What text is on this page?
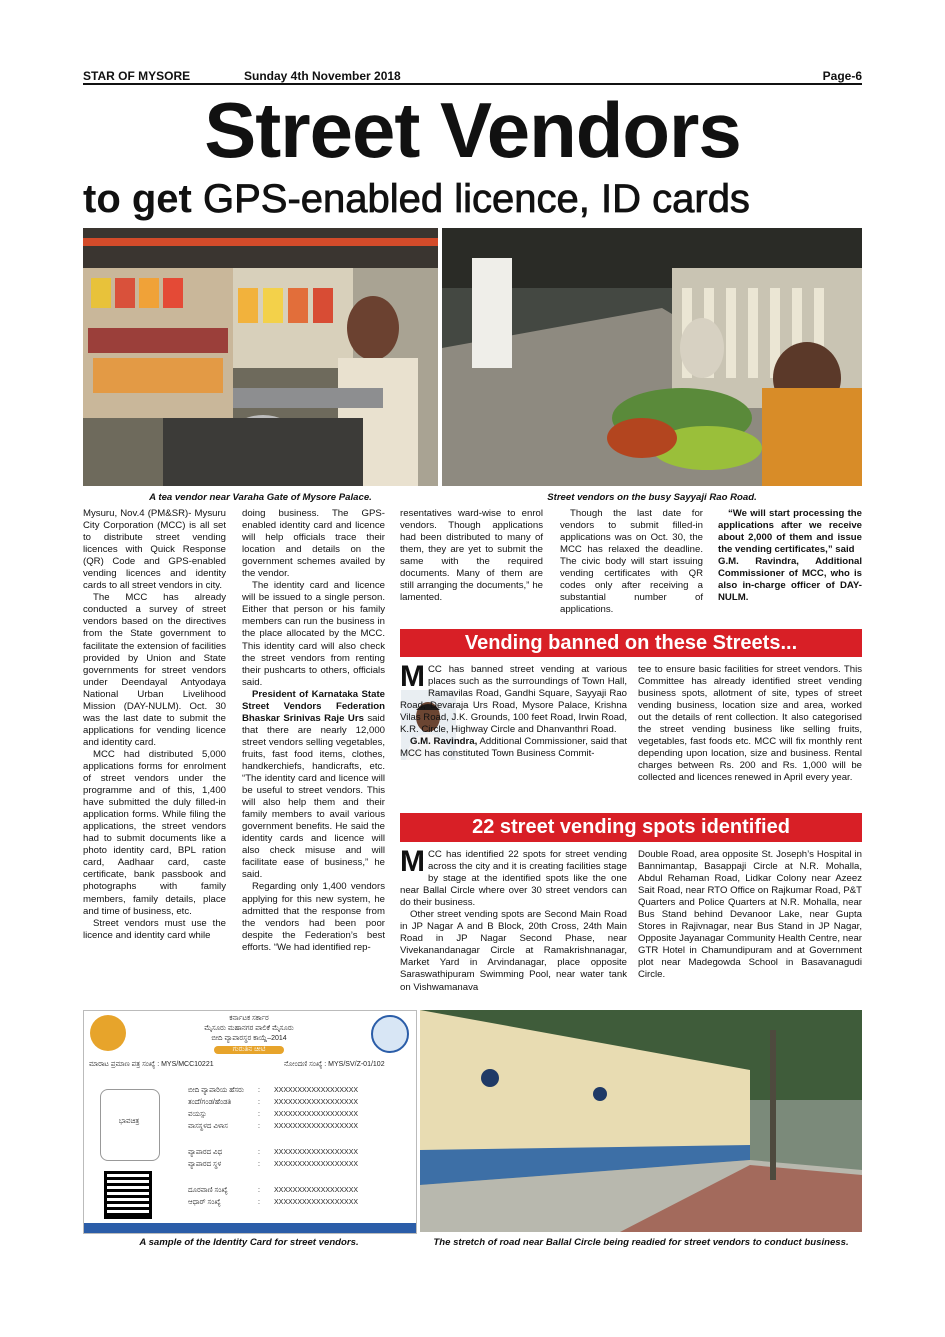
STAR OF MYSORE	Sunday 4th November 2018	Page-6
Street Vendors
to get GPS-enabled licence, ID cards
A tea vendor near Varaha Gate of Mysore Palace.	Street vendors on the busy Sayyaji Rao Road.

Mysuru, Nov.4 (PM&SR)- Mysuru City Corporation (MCC) is all set to distribute street vending licences with Quick Response (QR) Code and GPS-enabled vending licences and identity cards to all street vendors in city.

The MCC has already conducted a survey of street vendors based on the directives from the State government to facilitate the extension of facilities provided by Union and State governments for street vendors under Deendayal Antyodaya National Urban Livelihood Mission (DAY-NULM). Oct. 30 was the last date to submit the applications for vending licence and identity card.

MCC had distributed 5,000 applications forms for enrolment of street vendors under the programme and of this, 1,400 have submitted the duly filled-in application forms. While filing the applications, the street vendors had to submit documents like a photo identity card, BPL ration card, Aadhaar card, caste certificate, bank passbook and photographs with family members, family details, place and time of business, etc.

Street vendors must use the licence and identity card while

doing business. The GPS-enabled identity card and licence will help officials trace their location and details on the government schemes availed by the vendor.

The identity card and licence will be issued to a single person. Either that person or his family members can run the business in the place allocated by the MCC. This identity card will also check the street vendors from renting their pushcarts to others, officials said.

President of Karnataka State Street Vendors Federation Bhaskar Srinivas Raje Urs said that there are nearly 12,000 street vendors selling vegetables, fruits, fast food items, clothes, handkerchiefs, handicrafts, etc. “The identity card and licence will be useful to street vendors. This will also help them and their family members to avail various government benefits. He said the identity cards and licence will also check misuse and will facilitate ease of business,” he said.

Regarding only 1,400 vendors applying for this new system, he admitted that the response from the vendors had been poor despite the Federation’s best efforts. “We had identified rep-

resentatives ward-wise to enrol vendors. Though applications had been distributed to many of them, they are yet to submit the same with the required documents. Many of them are still arranging the documents,” he lamented.

Though the last date for vendors to submit filled-in applications was on Oct. 30, the MCC has relaxed the deadline. The civic body will start issuing vending certificates with QR codes only after receiving a substantial number of applications.

“We will start processing the applications after we receive about 2,000 of them and issue the vending certificates,” said

G.M. Ravindra, Additional Commissioner of MCC, who is also in-charge officer of DAY-NULM.

Vending banned on these Streets...

MCC has banned street vending at various places such as the surroundings of Town Hall, Ramavilas Road, Gandhi Square, Sayyaji Rao Road, Devaraja Urs Road, Mysore Palace, Krishna Vilas Road, J.K. Grounds, 100 feet Road, Irwin Road, K.R. Circle, Highway Circle and Dhanvanthri Road.

G.M. Ravindra, Additional Commissioner, said that MCC has constituted Town Business Commit-

tee to ensure basic facilities for street vendors. This Committee has already identified street vending business spots, allotment of site, types of street vending business, location size and area, worked out the details of rent collection. It also categorised the street vending business like selling fruits, vegetables, fast foods etc. MCC will fix monthly rent depending upon location, size and business. Rental charges between Rs. 200 and Rs. 1,000 will be collected and licences renewed in April every year.

22 street vending spots identified

MCC has identified 22 spots for street vending across the city and it is creating facilities stage by stage at the identified spots like the one near Ballal Circle where over 30 street vendors can do their business.

Other street vending spots are Second Main Road in JP Nagar A and B Block, 20th Cross, 24th Main Road in JP Nagar Second Phase, near Vivekanandanagar Circle at Ramakrishnanagar, Market Yard in Arvindanagar, place opposite Saraswathipuram Swimming Pool, near water tank on Vishwamanava

Double Road, area opposite St. Joseph’s Hospital in Bannimantap, Basappaji Circle at N.R. Mohalla, Abdul Rehaman Road, Lidkar Colony near Azeez Sait Road, near RTO Office on Rajkumar Road, P&T Quarters and Police Quarters at N.R. Mohalla, near Bus Stand behind Devanoor Lake, near Gupta Stores in Rajivnagar, near Bus Stand in JP Nagar, Opposite Jayanagar Community Health Centre, near GTR Hotel in Chamundipuram and at Government plot near Madegowda School in Basavanagudi Circle.

ಕರ್ನಾಟಕ ಸರ್ಕಾರ
ಮೈಸೂರು ಮಹಾನಗರ ಪಾಲಿಕೆ ಮೈಸೂರು
ಬೀದಿ ವ್ಯಾಪಾರಸ್ಥರ ಕಾಯ್ದೆ–2014
ಗುರುತಿನ ಚೀಟಿ
ಮಾರಾಟ ಪ್ರಮಾಣ ಪತ್ರ ಸಂಖ್ಯೆ : MYS/MCC10221	ನೋಂದಣಿ ಸಂಖ್ಯೆ : MYS/SV/Z-01/102
ಭಾವಚಿತ್ರ
ಬೀದಿ ವ್ಯಾಪಾರಿಯ ಹೆಸರು : XXXXXXXXXXXXXXXXXX
ತಂದೆ/ಗಂಡ/ಹೆಂಡತಿ	: XXXXXXXXXXXXXXXXXX
ವಯಸ್ಸು	: XXXXXXXXXXXXXXXXXX
ವಾಸಸ್ಥಳದ ವಿಳಾಸ	: XXXXXXXXXXXXXXXXXX
ವ್ಯಾಪಾರದ ವಿಧ	: XXXXXXXXXXXXXXXXXX
ವ್ಯಾಪಾರದ ಸ್ಥಳ	: XXXXXXXXXXXXXXXXXX
ದೂರವಾಣಿ ಸಂಖ್ಯೆ	: XXXXXXXXXXXXXXXXXX
ಆಧಾರ್ ಸಂಖ್ಯೆ	: XXXXXXXXXXXXXXXXXX
A sample of the Identity Card for street vendors.	The stretch of road near Ballal Circle being readied for street vendors to conduct business.
